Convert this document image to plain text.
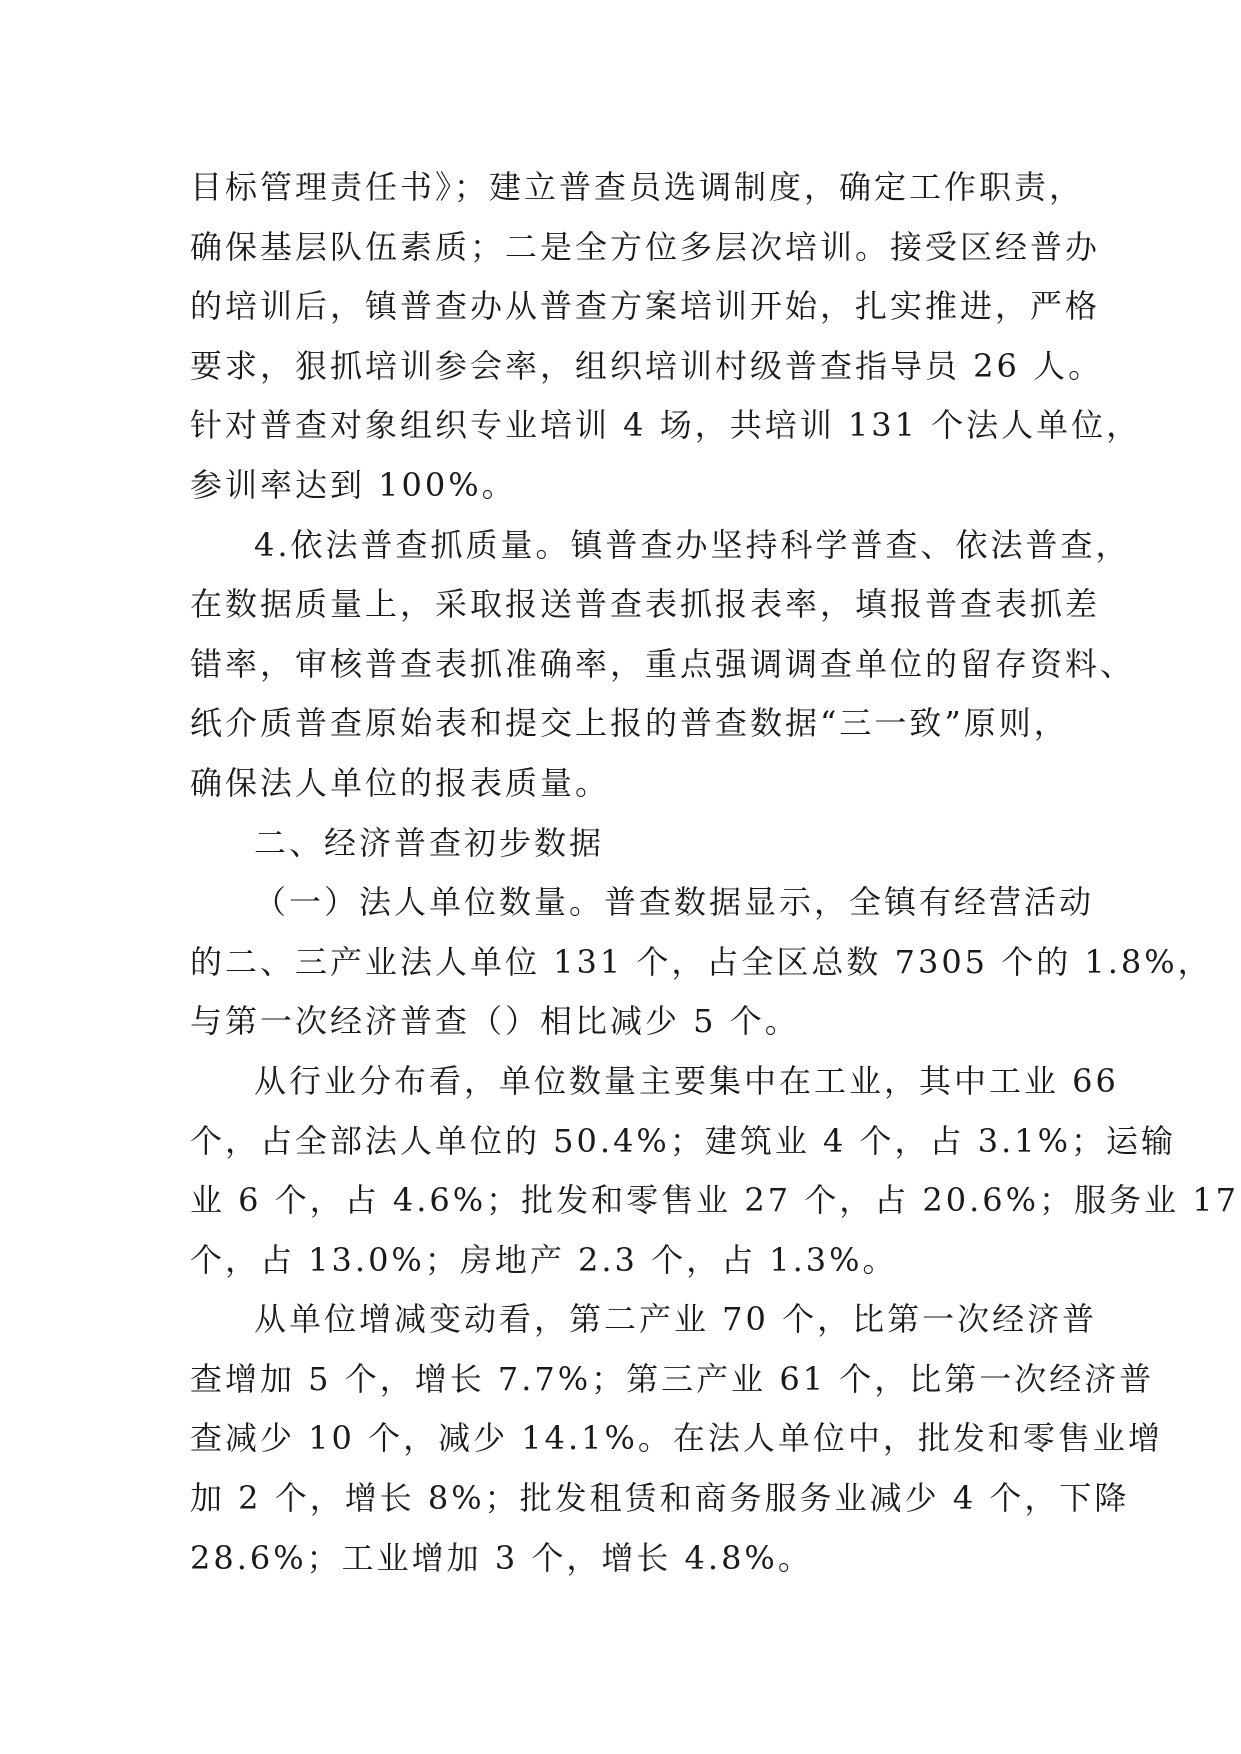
目标管理责任书》；建立普查员选调制度，确定工作职责，
确保基层队伍素质；二是全方位多层次培训。接受区经普办
的培训后，镇普查办从普查方案培训开始，扎实推进，严格
要求，狠抓培训参会率，组织培训村级普查指导员 26 人。
针对普查对象组织专业培训 4 场，共培训 131 个法人单位，
参训率达到 100%。

4.依法普查抓质量。镇普查办坚持科学普查、依法普查，
在数据质量上，采取报送普查表抓报表率，填报普查表抓差
错率，审核普查表抓准确率，重点强调调查单位的留存资料、
纸介质普查原始表和提交上报的普查数据“三一致”原则，
确保法人单位的报表质量。

二、经济普查初步数据

（一）法人单位数量。普查数据显示，全镇有经营活动
的二、三产业法人单位 131 个，占全区总数 7305 个的 1.8%，
与第一次经济普查（）相比减少 5 个。

从行业分布看，单位数量主要集中在工业，其中工业 66
个，占全部法人单位的 50.4%；建筑业 4 个，占 3.1%；运输
业 6 个，占 4.6%；批发和零售业 27 个，占 20.6%；服务业 17
个，占 13.0%；房地产 2.3 个，占 1.3%。

从单位增减变动看，第二产业 70 个，比第一次经济普
查增加 5 个，增长 7.7%；第三产业 61 个，比第一次经济普
查减少 10 个，减少 14.1%。在法人单位中，批发和零售业增
加 2 个，增长 8%；批发租赁和商务服务业减少 4 个，下降
28.6%；工业增加 3 个，增长 4.8%。
